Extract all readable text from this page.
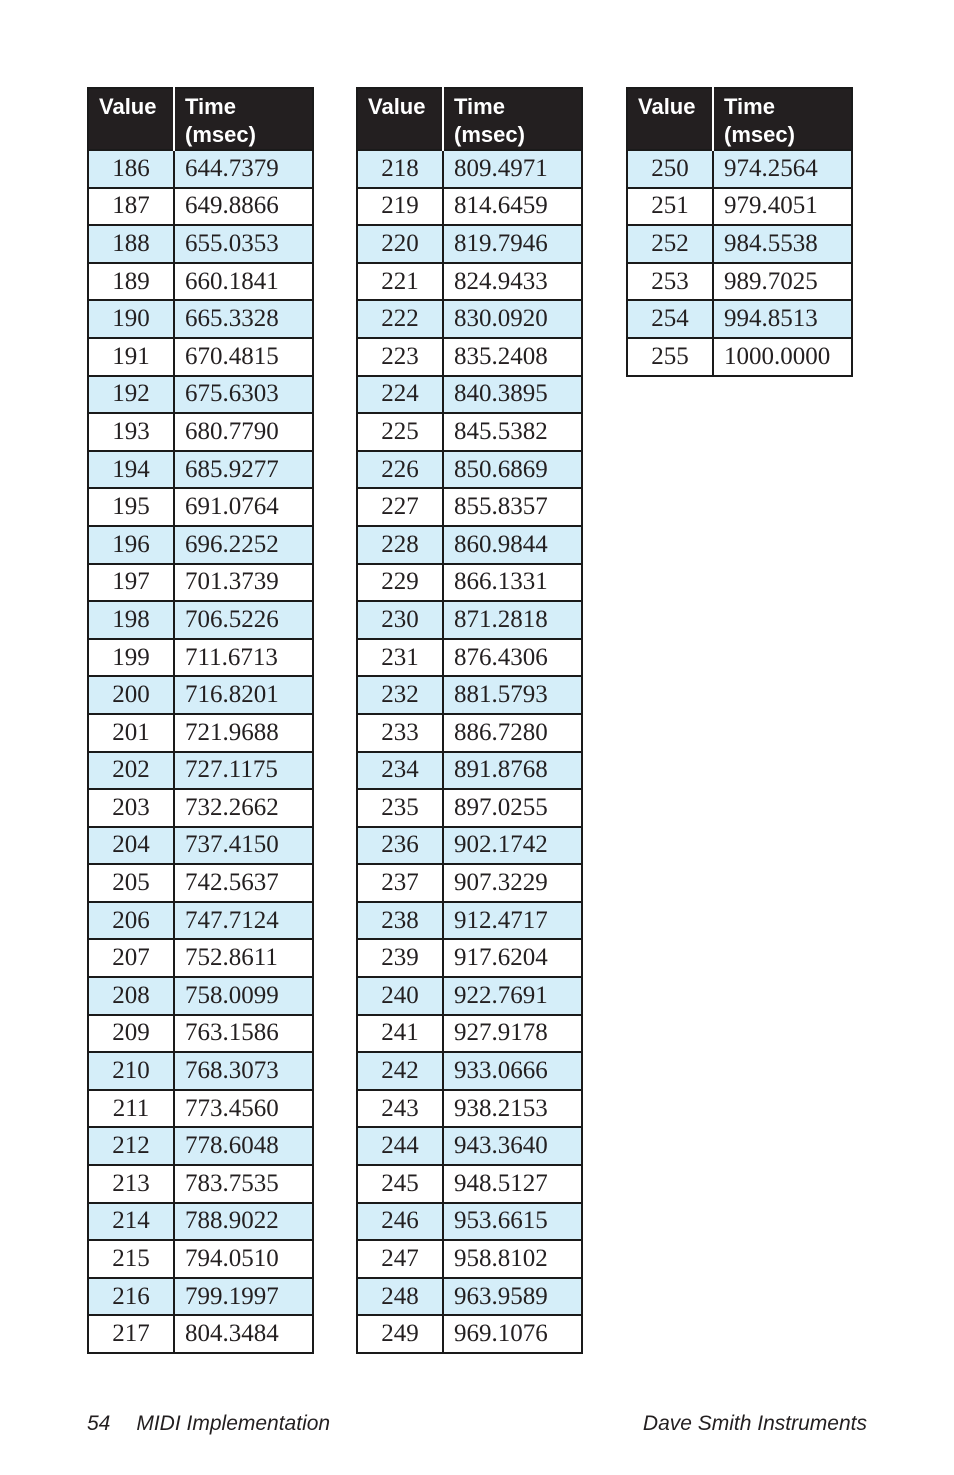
Value	Time
(msec)
186	644.7379
187	649.8866
188	655.0353
189	660.1841
190	665.3328
191	670.4815
192	675.6303
193	680.7790
194	685.9277
195	691.0764
196	696.2252
197	701.3739
198	706.5226
199	711.6713
200	716.8201
201	721.9688
202	727.1175
203	732.2662
204	737.4150
205	742.5637
206	747.7124
207	752.8611
208	758.0099
209	763.1586
210	768.3073
211	773.4560
212	778.6048
213	783.7535
214	788.9022
215	794.0510
216	799.1997
217	804.3484
Value	Time
(msec)
218	809.4971
219	814.6459
220	819.7946
221	824.9433
222	830.0920
223	835.2408
224	840.3895
225	845.5382
226	850.6869
227	855.8357
228	860.9844
229	866.1331
230	871.2818
231	876.4306
232	881.5793
233	886.7280
234	891.8768
235	897.0255
236	902.1742
237	907.3229
238	912.4717
239	917.6204
240	922.7691
241	927.9178
242	933.0666
243	938.2153
244	943.3640
245	948.5127
246	953.6615
247	958.8102
248	963.9589
249	969.1076
Value	Time
(msec)
250	974.2564
251	979.4051
252	984.5538
253	989.7025
254	994.8513
255	1000.0000
54 MIDI Implementation	Dave Smith Instruments
